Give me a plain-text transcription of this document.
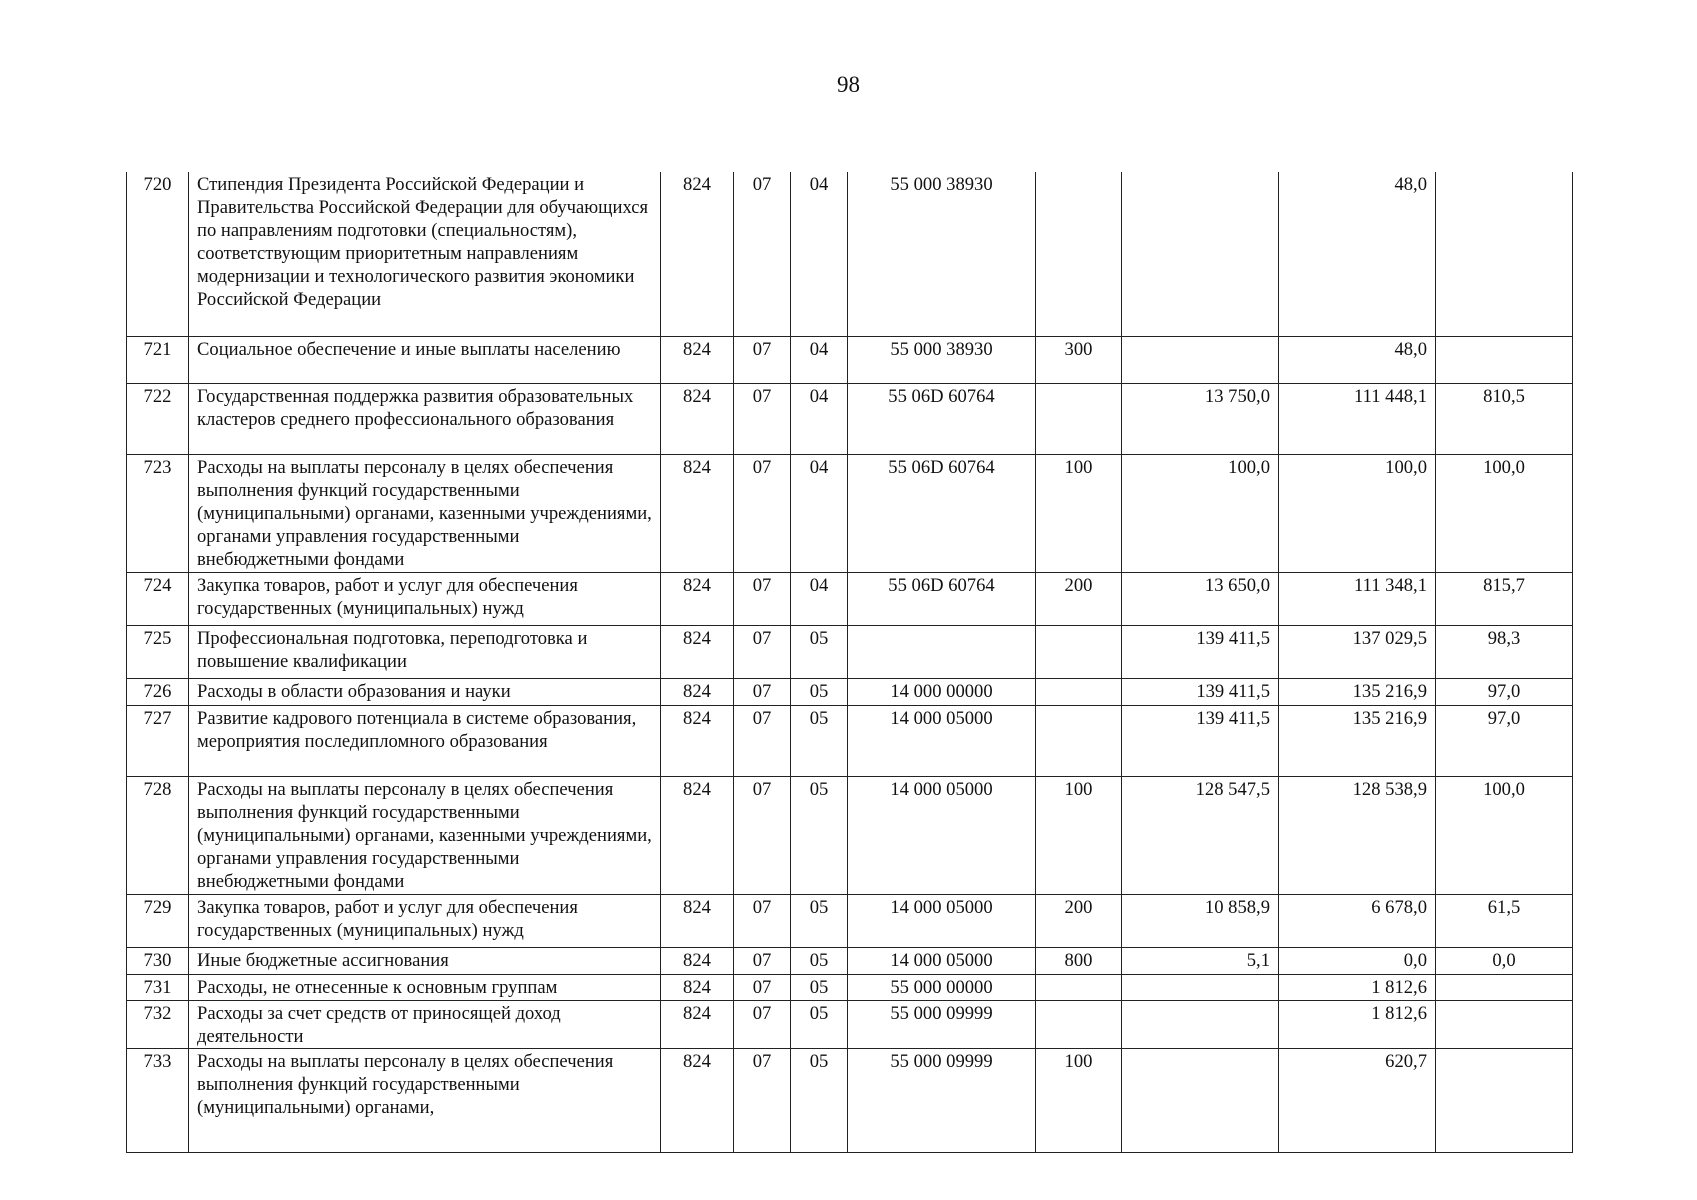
98
720	Стипендия Президента Российской Федерации и Правительства Российской Федерации для обучающихся по направлениям подготовки (специальностям), соответствующим приоритетным направлениям модернизации и технологического развития экономики Российской Федерации	824	07	04	55 000 38930			48,0	
721	Социальное обеспечение и иные выплаты населению	824	07	04	55 000 38930	300		48,0	
722	Государственная поддержка развития образовательных кластеров среднего профессионального образования	824	07	04	55 06D 60764		13 750,0	111 448,1	810,5
723	Расходы на выплаты персоналу в целях обеспечения выполнения функций государственными (муниципальными) органами, казенными учреждениями, органами управления государственными внебюджетными фондами	824	07	04	55 06D 60764	100	100,0	100,0	100,0
724	Закупка товаров, работ и услуг для обеспечения государственных (муниципальных) нужд	824	07	04	55 06D 60764	200	13 650,0	111 348,1	815,7
725	Профессиональная подготовка, переподготовка и повышение квалификации	824	07	05			139 411,5	137 029,5	98,3
726	Расходы в области образования и науки	824	07	05	14 000 00000		139 411,5	135 216,9	97,0
727	Развитие кадрового потенциала в системе образования, мероприятия последипломного образования	824	07	05	14 000 05000		139 411,5	135 216,9	97,0
728	Расходы на выплаты персоналу в целях обеспечения выполнения функций государственными (муниципальными) органами, казенными учреждениями, органами управления государственными внебюджетными фондами	824	07	05	14 000 05000	100	128 547,5	128 538,9	100,0
729	Закупка товаров, работ и услуг для обеспечения государственных (муниципальных) нужд	824	07	05	14 000 05000	200	10 858,9	6 678,0	61,5
730	Иные бюджетные ассигнования	824	07	05	14 000 05000	800	5,1	0,0	0,0
731	Расходы, не отнесенные к основным группам	824	07	05	55 000 00000			1 812,6	
732	Расходы за счет средств от приносящей доход деятельности	824	07	05	55 000 09999			1 812,6	
733	Расходы на выплаты персоналу в целях обеспечения выполнения функций государственными (муниципальными) органами,	824	07	05	55 000 09999	100		620,7	
